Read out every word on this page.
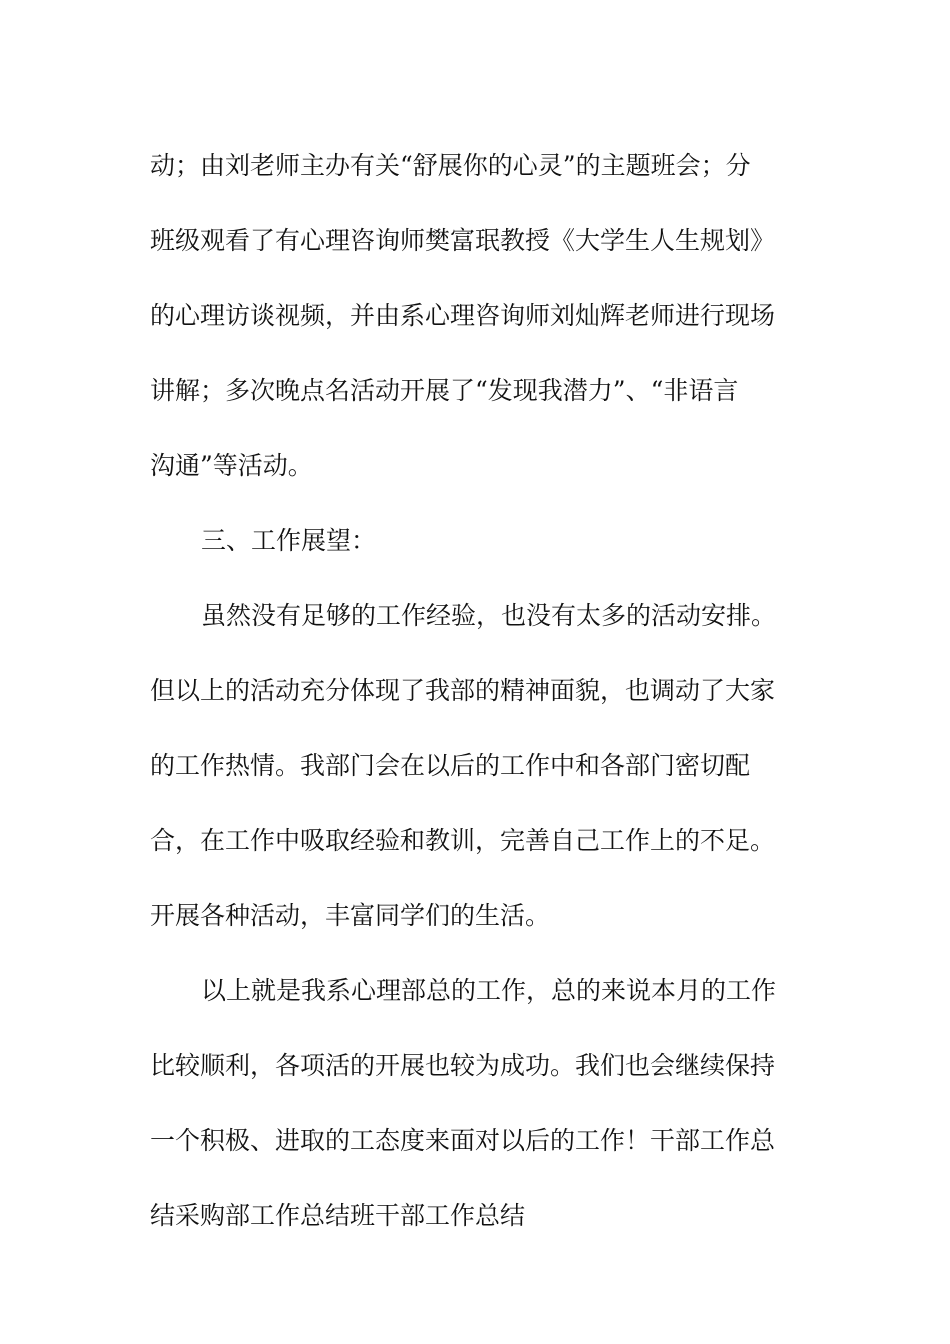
动；由刘老师主办有关“舒展你的心灵”的主题班会；分
班级观看了有心理咨询师樊富珉教授《大学生人生规划》
的心理访谈视频，并由系心理咨询师刘灿辉老师进行现场
讲解；多次晚点名活动开展了“发现我潜力”、“非语言
沟通”等活动。
三、工作展望：
虽然没有足够的工作经验，也没有太多的活动安排。
但以上的活动充分体现了我部的精神面貌，也调动了大家
的工作热情。我部门会在以后的工作中和各部门密切配
合，在工作中吸取经验和教训，完善自己工作上的不足。
开展各种活动，丰富同学们的生活。
以上就是我系心理部总的工作，总的来说本月的工作
比较顺利，各项活的开展也较为成功。我们也会继续保持
一个积极、进取的工态度来面对以后的工作！干部工作总
结采购部工作总结班干部工作总结
